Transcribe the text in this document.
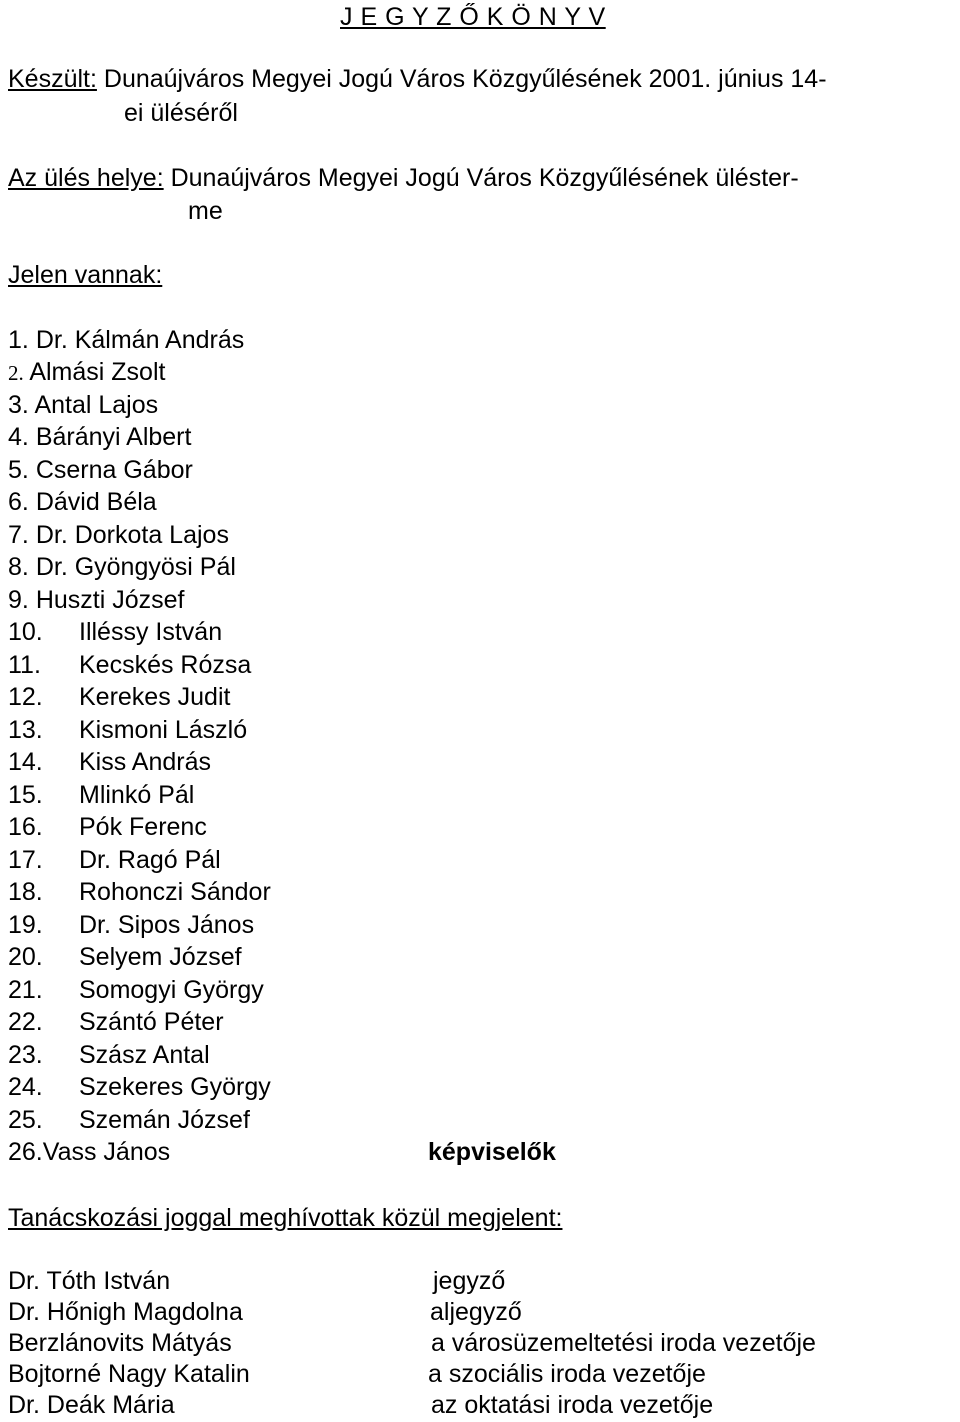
J E G Y Z Ő K Ö N Y V
Készült: Dunaújváros Megyei Jogú Város Közgyűlésének 2001. június 14-
ei üléséről
Az ülés helye: Dunaújváros Megyei Jogú Város Közgyűlésének üléster-
me
Jelen vannak:
1. Dr. Kálmán András
2. Almási Zsolt
3. Antal Lajos
4. Bárányi Albert
5. Cserna Gábor
6. Dávid Béla
7. Dr. Dorkota Lajos
8. Dr. Gyöngyösi Pál
9. Huszti József
10. Illéssy István
11. Kecskés Rózsa
12. Kerekes Judit
13. Kismoni László
14. Kiss András
15. Mlinkó Pál
16. Pók Ferenc
17. Dr. Ragó Pál
18. Rohonczi Sándor
19. Dr. Sipos János
20. Selyem József
21. Somogyi György
22. Szántó Péter
23. Szász Antal
24. Szekeres György
25. Szemán József
26.Vass János	képviselők
Tanácskozási joggal meghívottak közül megjelent:
Dr. Tóth István	jegyző
Dr. Hőnigh Magdolna	aljegyző
Berzlánovits Mátyás	a városüzemeltetési iroda vezetője
Bojtorné Nagy Katalin	a szociális iroda vezetője
Dr. Deák Mária	az oktatási iroda vezetője
